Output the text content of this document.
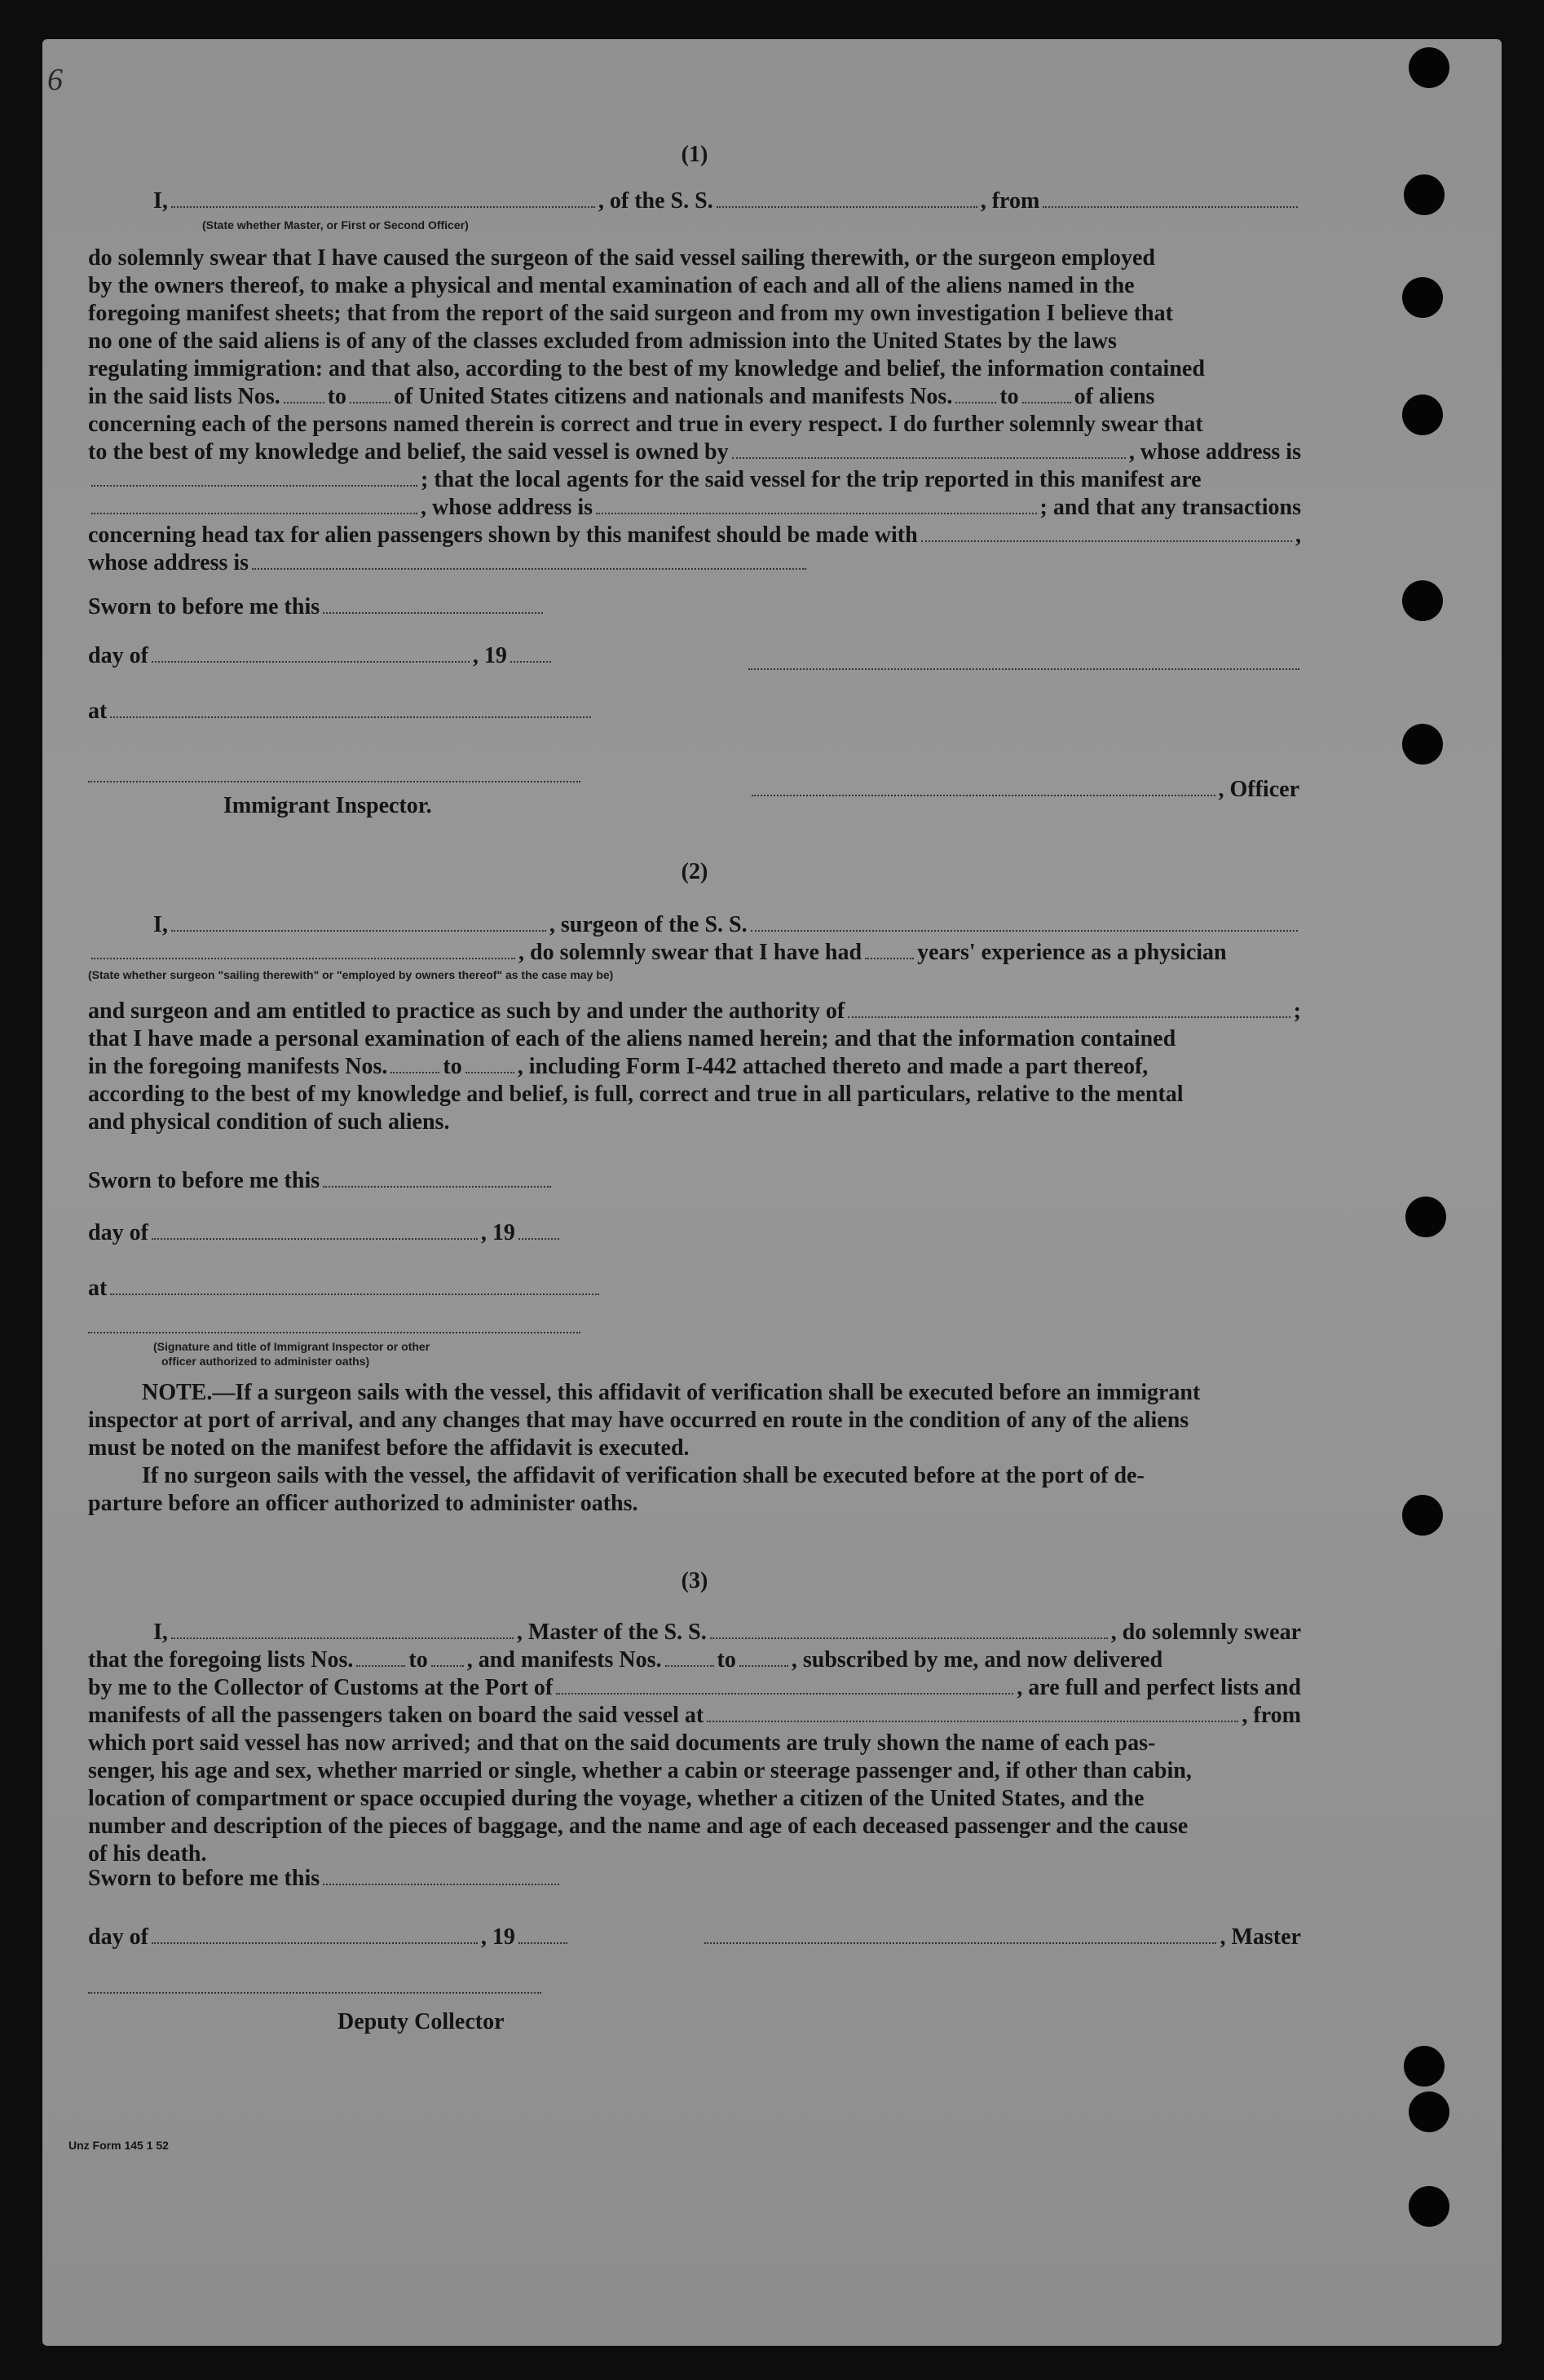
6
(1)
I,	, of the S. S.	, from
(State whether Master, or First or Second Officer)
do solemnly swear that I have caused the surgeon of the said vessel sailing therewith, or the surgeon employed
by the owners thereof, to make a physical and mental examination of each and all of the aliens named in the
foregoing manifest sheets; that from the report of the said surgeon and from my own investigation I believe that
no one of the said aliens is of any of the classes excluded from admission into the United States by the laws
regulating immigration: and that also, according to the best of my knowledge and belief, the information contained
in the said lists Nos. to of United States citizens and nationals and manifests Nos. to of aliens
concerning each of the persons named therein is correct and true in every respect. I do further solemnly swear that
to the best of my knowledge and belief, the said vessel is owned by	, whose address is
; that the local agents for the said vessel for the trip reported in this manifest are
, whose address is	; and that any transactions
concerning head tax for alien passengers shown by this manifest should be made with	,
whose address is
Sworn to before me this
day of	, 19
at
Immigrant Inspector.
, Officer
(2)
I,	, surgeon of the S. S.
, do solemnly swear that I have had years' experience as a physician
(State whether surgeon "sailing therewith" or "employed by owners thereof" as the case may be)
and surgeon and am entitled to practice as such by and under the authority of	;
that I have made a personal examination of each of the aliens named herein; and that the information contained
in the foregoing manifests Nos. to , including Form I-442 attached thereto and made a part thereof,
according to the best of my knowledge and belief, is full, correct and true in all particulars, relative to the mental
and physical condition of such aliens.
Sworn to before me this
day of	, 19
at
(Signature and title of Immigrant Inspector or other
officer authorized to administer oaths)
NOTE.—If a surgeon sails with the vessel, this affidavit of verification shall be executed before an immigrant
inspector at port of arrival, and any changes that may have occurred en route in the condition of any of the aliens
must be noted on the manifest before the affidavit is executed.
If no surgeon sails with the vessel, the affidavit of verification shall be executed before at the port of de-
parture before an officer authorized to administer oaths.
(3)
I,	, Master of the S. S.	, do solemnly swear
that the foregoing lists Nos. to , and manifests Nos. to , subscribed by me, and now delivered
by me to the Collector of Customs at the Port of	, are full and perfect lists and
manifests of all the passengers taken on board the said vessel at	, from
which port said vessel has now arrived; and that on the said documents are truly shown the name of each pas-
senger, his age and sex, whether married or single, whether a cabin or steerage passenger and, if other than cabin,
location of compartment or space occupied during the voyage, whether a citizen of the United States, and the
number and description of the pieces of baggage, and the name and age of each deceased passenger and the cause
of his death.
Sworn to before me this
day of	, 19	, Master
Deputy Collector
Unz Form 145 1 52
